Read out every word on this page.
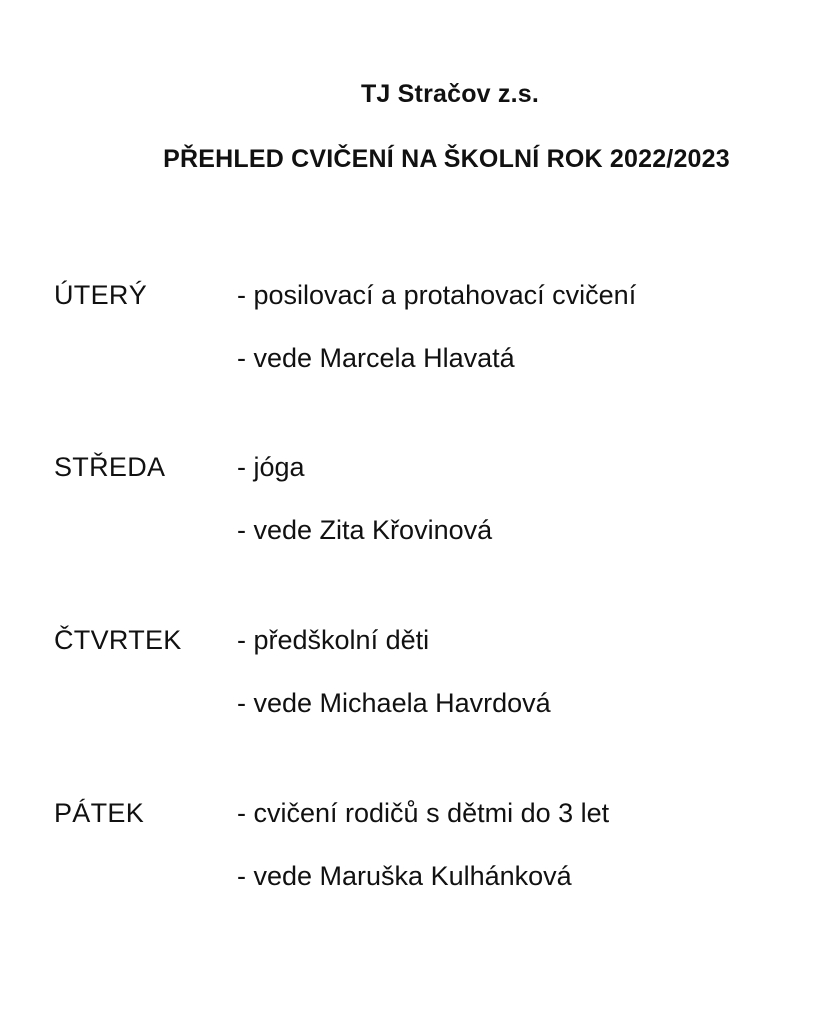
TJ Stračov z.s.
PŘEHLED CVIČENÍ NA ŠKOLNÍ ROK 2022/2023
ÚTERÝ	- posilovací a protahovací cvičení
- vede Marcela Hlavatá
STŘEDA	- jóga
- vede Zita Křovinová
ČTVRTEK - předškolní děti
- vede Michaela Havrdová
PÁTEK	- cvičení rodičů s dětmi do 3 let
- vede Maruška Kulhánková
